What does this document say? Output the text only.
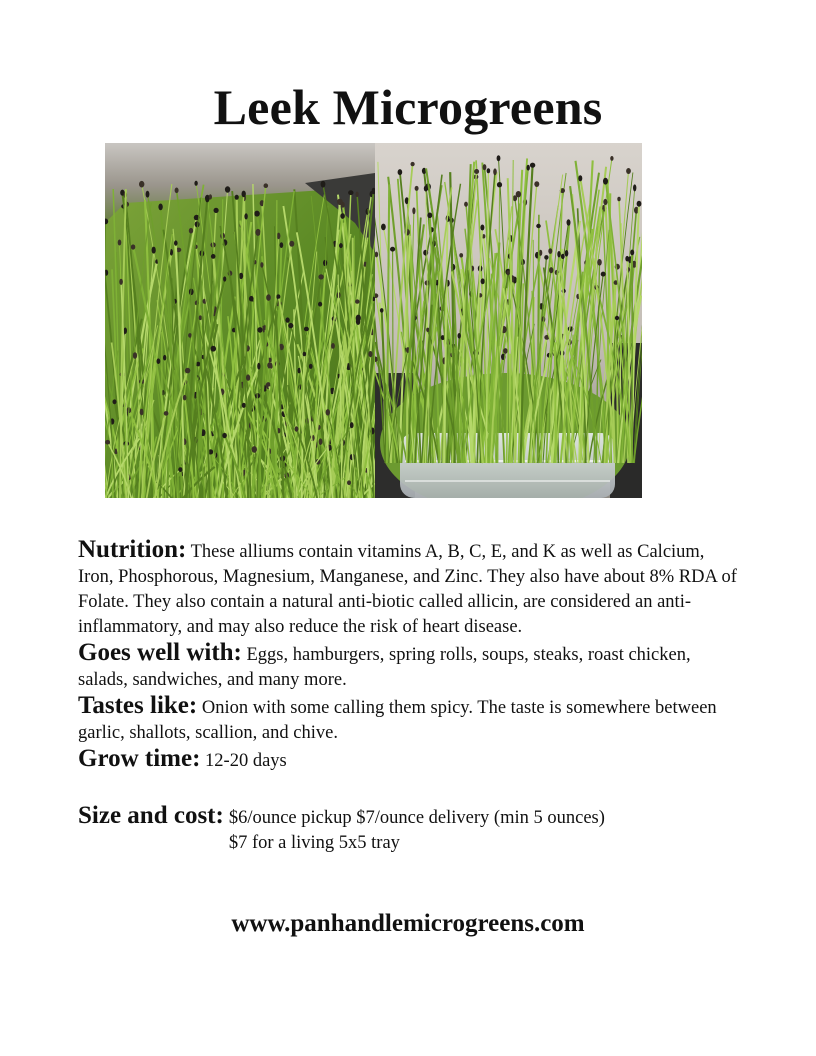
Leek Microgreens

Nutrition: These alliums contain vitamins A, B, C, E, and K as well as Calcium, Iron, Phosphorous, Magnesium, Manganese, and Zinc. They also have about 8% RDA of Folate. They also contain a natural anti-biotic called allicin, are considered an anti-inflammatory, and may also reduce the risk of heart disease.

Goes well with: Eggs, hamburgers, spring rolls, soups, steaks, roast chicken, salads, sandwiches, and many more.

Tastes like: Onion with some calling them spicy. The taste is somewhere between garlic, shallots, scallion, and chive.

Grow time: 12-20 days

Size and cost: $6/ounce pickup $7/ounce delivery (min 5 ounces)
$7 for a living 5x5 tray
www.panhandlemicrogreens.com
